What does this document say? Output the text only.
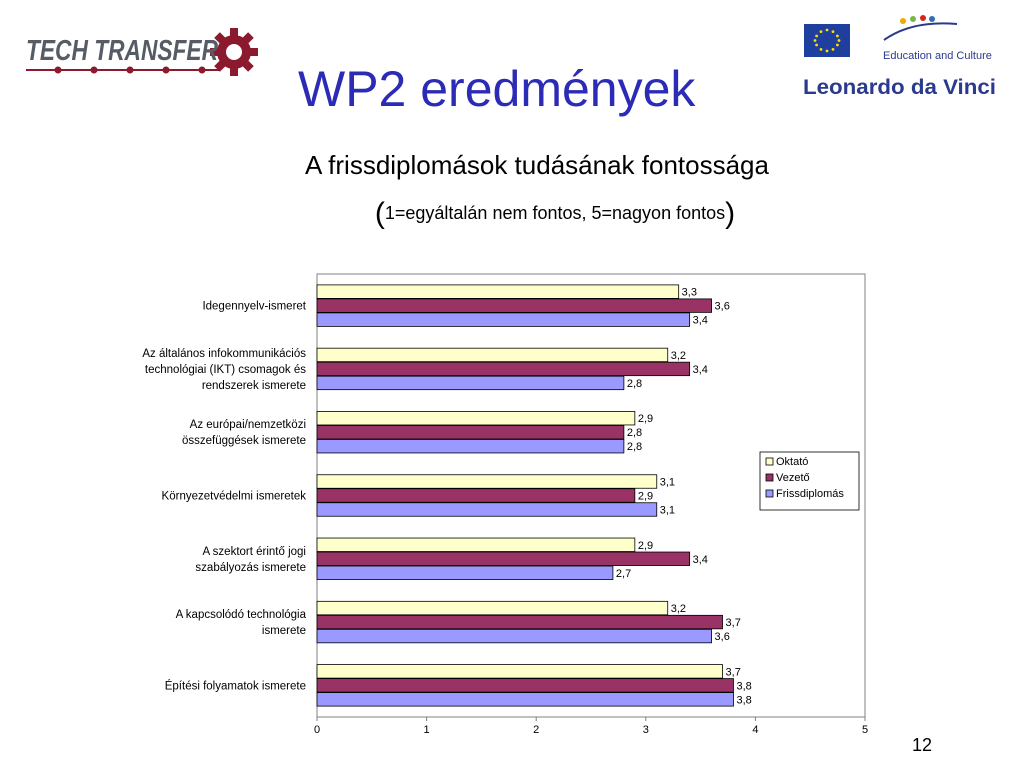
TECH TRANSFER
WP2 eredmények
Education and Culture
Leonardo da Vinci
A frissdiplomások tudásának fontossága
(1=egyáltalán nem fontos, 5=nagyon fontos)
3,3
3,6
3,4
Idegennyelv-ismeret
3,2
3,4
2,8
Az általános infokommunikációs
technológiai (IKT) csomagok és
rendszerek ismerete
2,9
2,8
2,8
Az európai/nemzetközi
összefüggések ismerete
3,1
2,9
3,1
Környezetvédelmi ismeretek
2,9
3,4
2,7
A szektort érintő jogi
szabályozás ismerete
3,2
3,7
3,6
A kapcsolódó technológia
ismerete
3,7
3,8
3,8
Építési folyamatok ismerete
0	1	2	3	4	5
Oktató
Vezető
Frissdiplomás
12
